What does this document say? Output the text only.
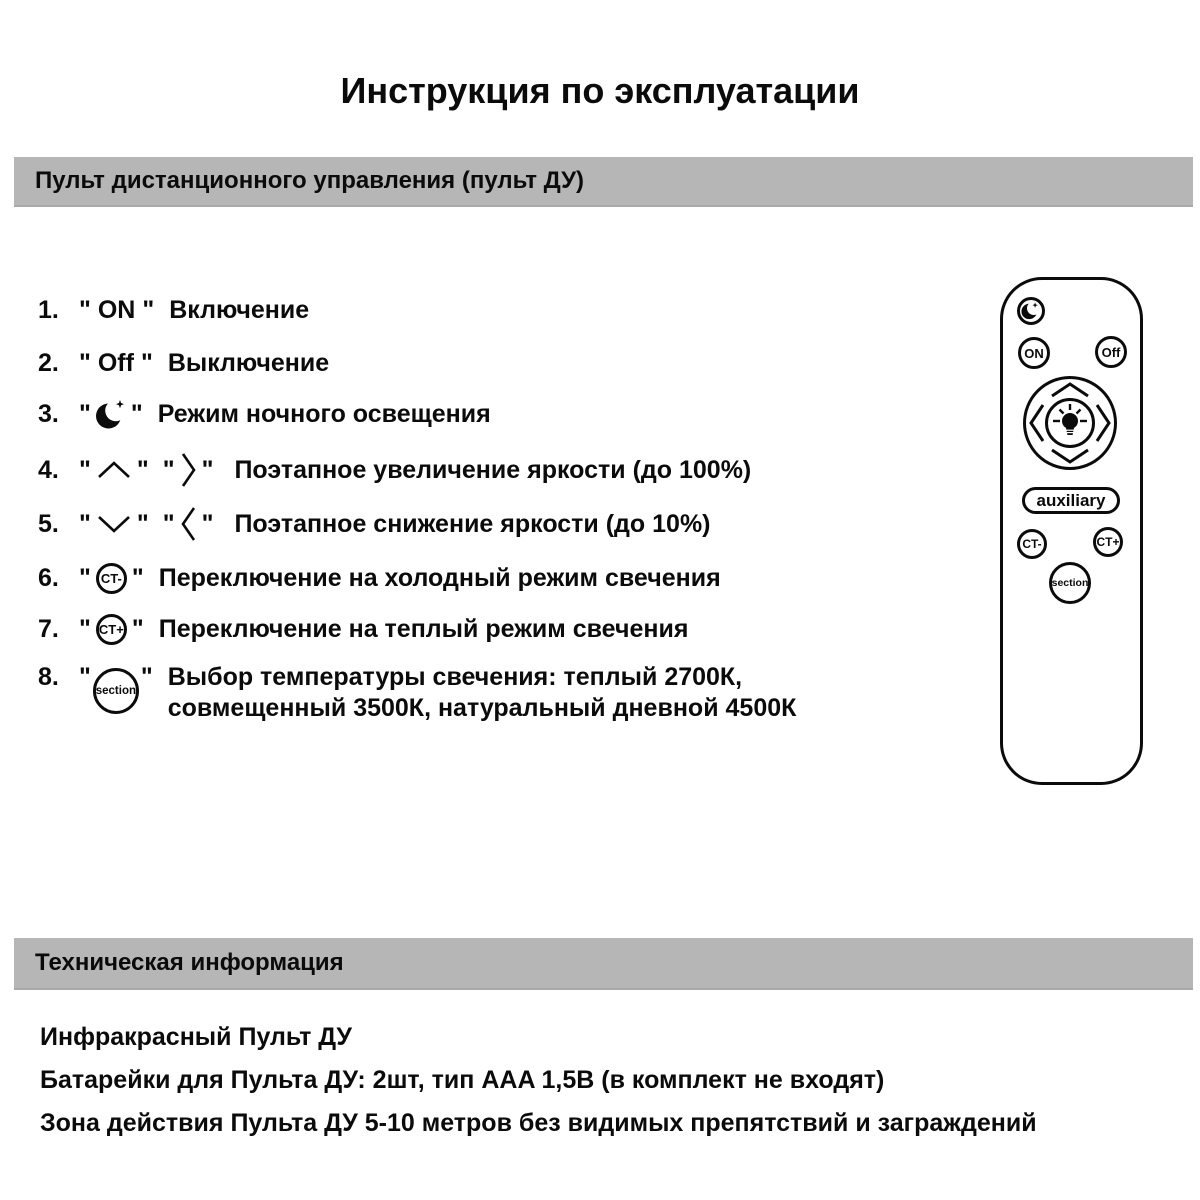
Инструкция по эксплуатации
Пульт дистанционного управления (пульт ДУ)
1. " ON " Включение
2. " Off " Выключение
3. " " Режим ночного освещения
4. " " " " Поэтапное увеличение яркости (до 100%)
5. " " " " Поэтапное снижение яркости (до 10%)
6. " CT- " Переключение на холодный режим свечения
7. " CT+ " Переключение на теплый режим свечения
8. " section " Выбор температуры свечения: теплый 2700К,
совмещенный 3500К, натуральный дневной 4500К
ON	Off
auxiliary
CT-	CT+
section
Техническая информация
Инфракрасный Пульт ДУ
Батарейки для Пульта ДУ: 2шт, тип AAA 1,5В (в комплект не входят)
Зона действия Пульта ДУ 5-10 метров без видимых препятствий и заграждений
